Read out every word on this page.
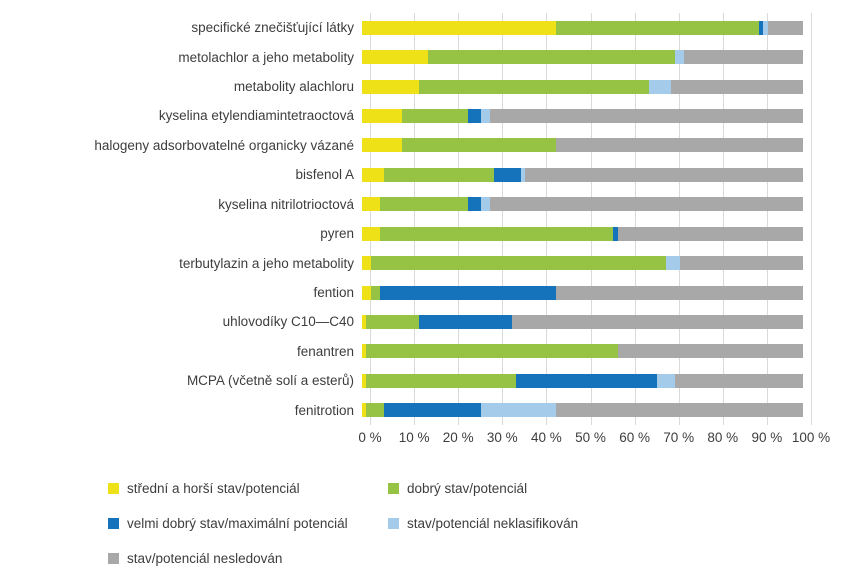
specifické znečišťující látky
metolachlor a jeho metabolity
metabolity alachloru
kyselina etylendiamintetraoctová
halogeny adsorbovatelné organicky vázané
bisfenol A
kyselina nitrilotrioctová
pyren
terbutylazin a jeho metabolity
fention
uhlovodíky C10—C40
fenantren
MCPA (včetně solí a esterů)
fenitrotion
0 % 10 % 20 % 30 % 40 % 50 % 60 % 70 % 80 % 90 % 100 %
střední a horší stav/potenciál	dobrý stav/potenciál
velmi dobrý stav/maximální potenciál	stav/potenciál neklasifikován
stav/potenciál nesledován
